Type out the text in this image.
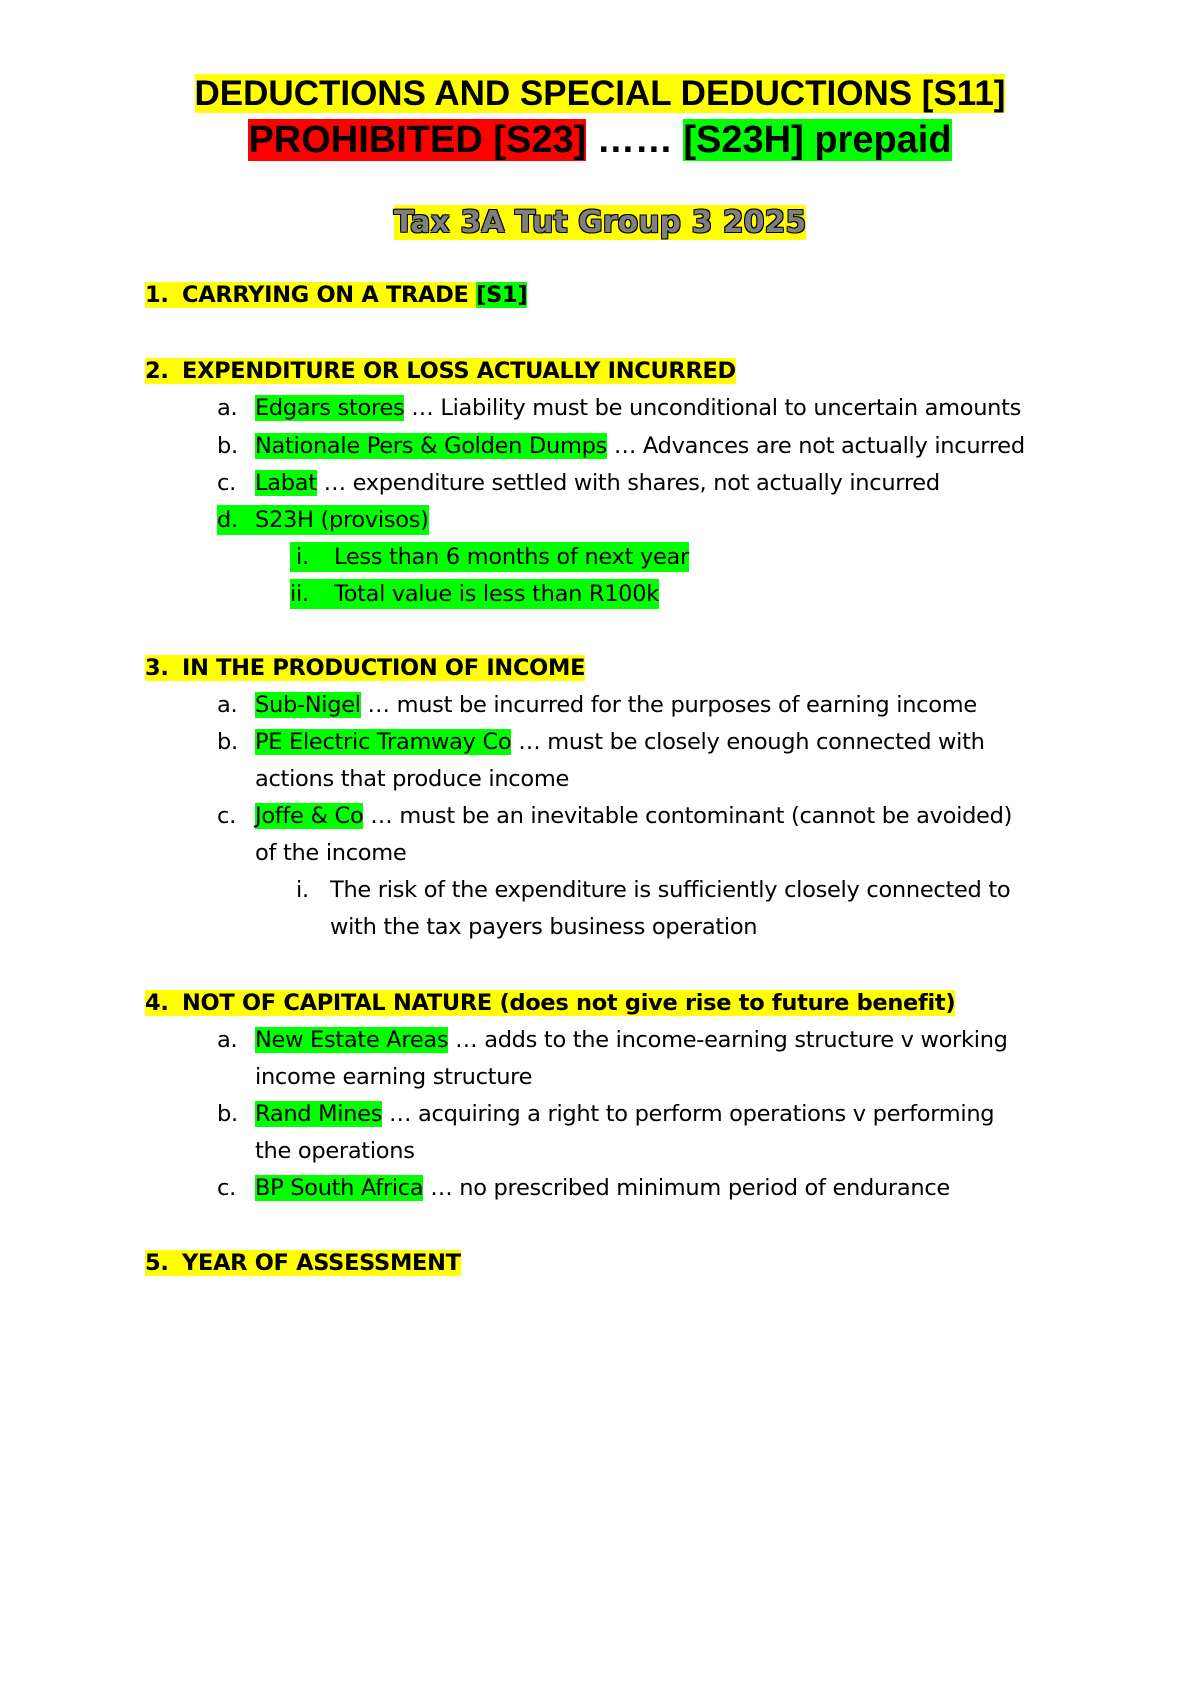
DEDUCTIONS AND SPECIAL DEDUCTIONS [S11]
PROHIBITED [S23] …… [S23H] prepaid
Tax 3A Tut Group 3 2025
1. CARRYING ON A TRADE [S1]
2. EXPENDITURE OR LOSS ACTUALLY INCURRED
a. Edgars stores … Liability must be unconditional to uncertain amounts
b. Nationale Pers & Golden Dumps … Advances are not actually incurred
c. Labat … expenditure settled with shares, not actually incurred
d. S23H (provisos)
i. Less than 6 months of next year
ii. Total value is less than R100k
3. IN THE PRODUCTION OF INCOME
a. Sub-Nigel … must be incurred for the purposes of earning income
b. PE Electric Tramway Co … must be closely enough connected with
actions that produce income
c. Joffe & Co … must be an inevitable contominant (cannot be avoided)
of the income
i. The risk of the expenditure is sufficiently closely connected to
with the tax payers business operation
4. NOT OF CAPITAL NATURE (does not give rise to future benefit)
a. New Estate Areas … adds to the income-earning structure v working
income earning structure
b. Rand Mines … acquiring a right to perform operations v performing
the operations
c. BP South Africa … no prescribed minimum period of endurance
5. YEAR OF ASSESSMENT
